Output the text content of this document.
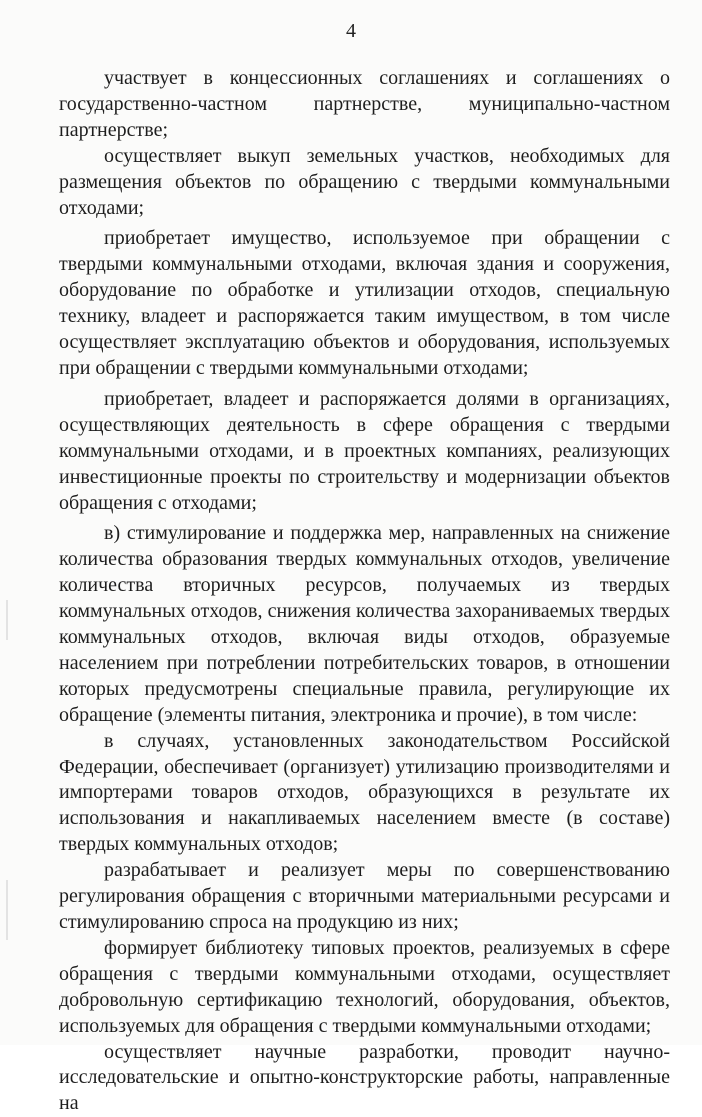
4

участвует в концессионных соглашениях и соглашениях о государственно-частном партнерстве, муниципально-частном партнерстве;

осуществляет выкуп земельных участков, необходимых для размещения объектов по обращению с твердыми коммунальными отходами;

приобретает имущество, используемое при обращении с твердыми коммунальными отходами, включая здания и сооружения, оборудование по обработке и утилизации отходов, специальную технику, владеет и распоряжается таким имуществом, в том числе осуществляет эксплуатацию объектов и оборудования, используемых при обращении с твердыми коммунальными отходами;

приобретает, владеет и распоряжается долями в организациях, осуществляющих деятельность в сфере обращения с твердыми коммунальными отходами, и в проектных компаниях, реализующих инвестиционные проекты по строительству и модернизации объектов обращения с отходами;

в) стимулирование и поддержка мер, направленных на снижение количества образования твердых коммунальных отходов, увеличение количества вторичных ресурсов, получаемых из твердых коммунальных отходов, снижения количества захораниваемых твердых коммунальных отходов, включая виды отходов, образуемые населением при потреблении потребительских товаров, в отношении которых предусмотрены специальные правила, регулирующие их обращение (элементы питания, электроника и прочие), в том числе:

в случаях, установленных законодательством Российской Федерации, обеспечивает (организует) утилизацию производителями и импортерами товаров отходов, образующихся в результате их использования и накапливаемых населением вместе (в составе) твердых коммунальных отходов;

разрабатывает и реализует меры по совершенствованию регулирования обращения с вторичными материальными ресурсами и стимулированию спроса на продукцию из них;

формирует библиотеку типовых проектов, реализуемых в сфере обращения с твердыми коммунальными отходами, осуществляет добровольную сертификацию технологий, оборудования, объектов, используемых для обращения с твердыми коммунальными отходами;

осуществляет научные разработки, проводит научно-исследовательские и опытно-конструкторские работы, направленные на
